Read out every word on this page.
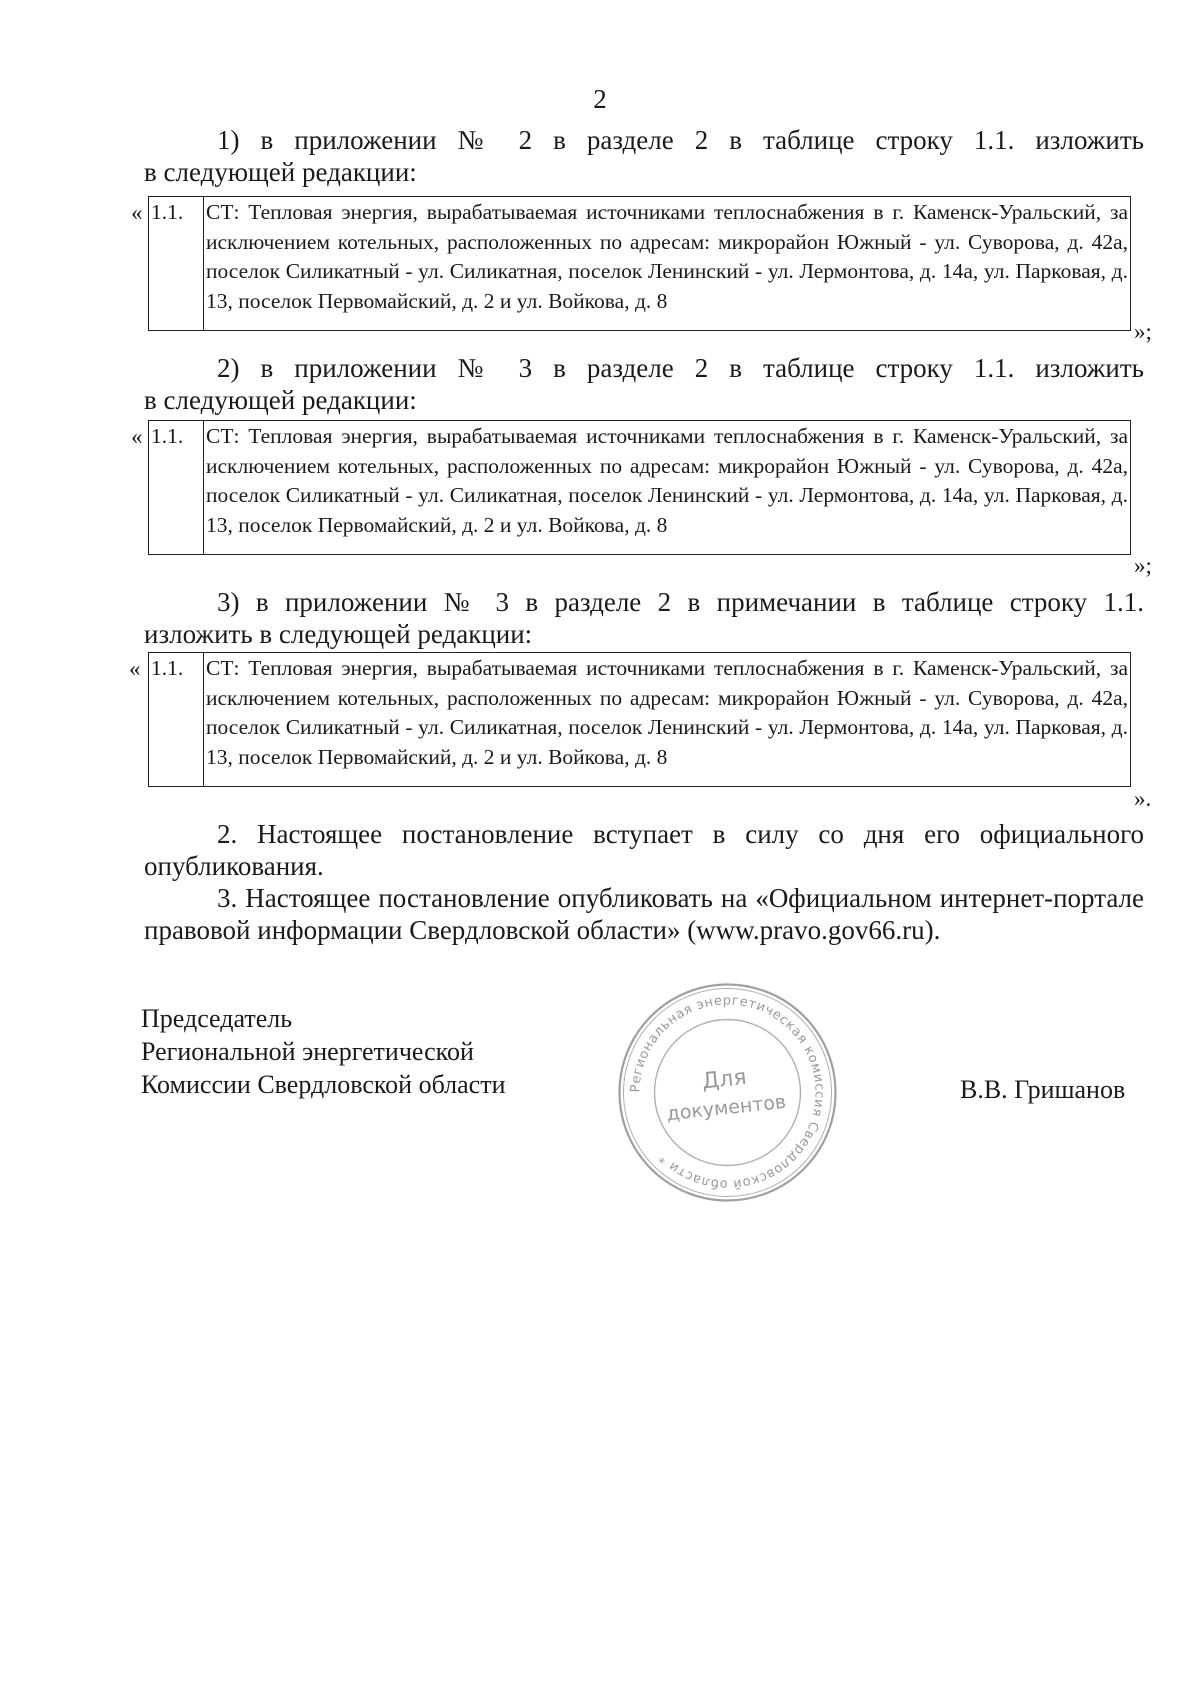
2
1) в приложении № 2 в разделе 2 в таблице строку 1.1. изложить
в следующей редакции:
« 1.1.	СТ: Тепловая энергия, вырабатываемая источниками теплоснабжения в г. Каменск-Уральский, за исключением котельных, расположенных по адресам: микрорайон Южный - ул. Суворова, д. 42а, поселок Силикатный - ул. Силикатная, поселок Ленинский - ул. Лермонтова, д. 14а, ул. Парковая, д. 13, поселок Первомайский, д. 2 и ул. Войкова, д. 8
»;
2) в приложении № 3 в разделе 2 в таблице строку 1.1. изложить
в следующей редакции:
« 1.1.	СТ: Тепловая энергия, вырабатываемая источниками теплоснабжения в г. Каменск-Уральский, за исключением котельных, расположенных по адресам: микрорайон Южный - ул. Суворова, д. 42а, поселок Силикатный - ул. Силикатная, поселок Ленинский - ул. Лермонтова, д. 14а, ул. Парковая, д. 13, поселок Первомайский, д. 2 и ул. Войкова, д. 8
»;
3) в приложении № 3 в разделе 2 в примечании в таблице строку 1.1.
изложить в следующей редакции:
« 1.1.	СТ: Тепловая энергия, вырабатываемая источниками теплоснабжения в г. Каменск-Уральский, за исключением котельных, расположенных по адресам: микрорайон Южный - ул. Суворова, д. 42а, поселок Силикатный - ул. Силикатная, поселок Ленинский - ул. Лермонтова, д. 14а, ул. Парковая, д. 13, поселок Первомайский, д. 2 и ул. Войкова, д. 8
».
2. Настоящее постановление вступает в силу со дня его официального опубликования.
3. Настоящее постановление опубликовать на «Официальном интернет-портале правовой информации Свердловской области» (www.pravo.gov66.ru).
Председатель
Региональной энергетической
Комиссии Свердловской области	В.В. Гришанов
Региональная энергетическая комиссия Свердловской области *
Для
документов
